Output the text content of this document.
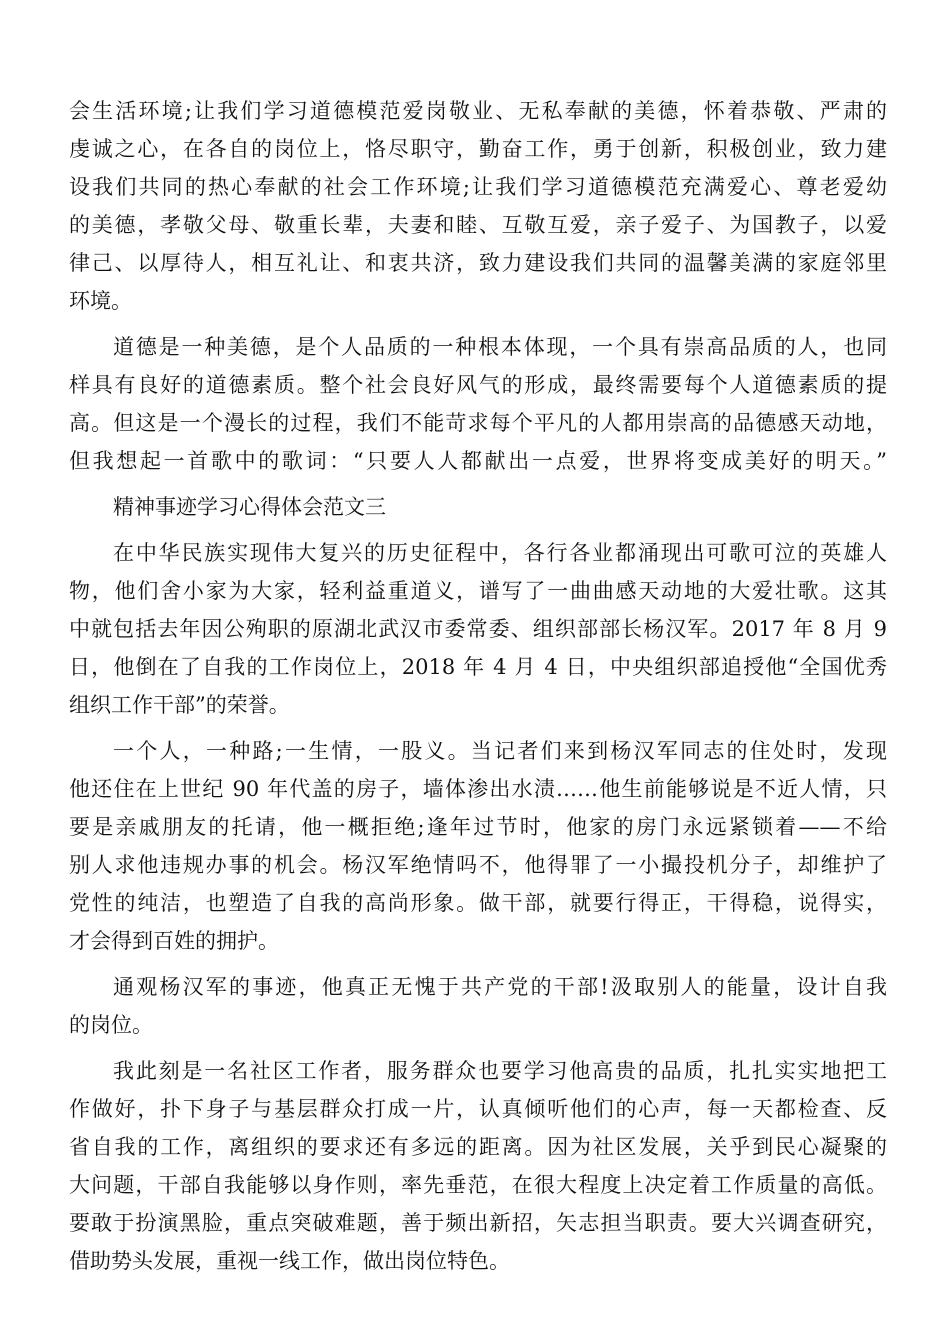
会生活环境;让我们学习道德模范爱岗敬业、无私奉献的美德，怀着恭敬、严肃的
虔诚之心，在各自的岗位上，恪尽职守，勤奋工作，勇于创新，积极创业，致力建
设我们共同的热心奉献的社会工作环境;让我们学习道德模范充满爱心、尊老爱幼
的美德，孝敬父母、敬重长辈，夫妻和睦、互敬互爱，亲子爱子、为国教子，以爱
律己、以厚待人，相互礼让、和衷共济，致力建设我们共同的温馨美满的家庭邻里
环境。
道德是一种美德，是个人品质的一种根本体现，一个具有崇高品质的人，也同
样具有良好的道德素质。整个社会良好风气的形成，最终需要每个人道德素质的提
高。但这是一个漫长的过程，我们不能苛求每个平凡的人都用崇高的品德感天动地，
但我想起一首歌中的歌词：“只要人人都献出一点爱，世界将变成美好的明天。”
精神事迹学习心得体会范文三
在中华民族实现伟大复兴的历史征程中，各行各业都涌现出可歌可泣的英雄人
物，他们舍小家为大家，轻利益重道义，谱写了一曲曲感天动地的大爱壮歌。这其
中就包括去年因公殉职的原湖北武汉市委常委、组织部部长杨汉军。2017 年 8 月 9
日，他倒在了自我的工作岗位上，2018 年 4 月 4 日，中央组织部追授他“全国优秀
组织工作干部”的荣誉。
一个人，一种路;一生情，一股义。当记者们来到杨汉军同志的住处时，发现
他还住在上世纪 90 年代盖的房子，墙体渗出水渍……他生前能够说是不近人情，只
要是亲戚朋友的托请，他一概拒绝;逢年过节时，他家的房门永远紧锁着——不给
别人求他违规办事的机会。杨汉军绝情吗不，他得罪了一小撮投机分子，却维护了
党性的纯洁，也塑造了自我的高尚形象。做干部，就要行得正，干得稳，说得实，
才会得到百姓的拥护。
通观杨汉军的事迹，他真正无愧于共产党的干部!汲取别人的能量，设计自我
的岗位。
我此刻是一名社区工作者，服务群众也要学习他高贵的品质，扎扎实实地把工
作做好，扑下身子与基层群众打成一片，认真倾听他们的心声，每一天都检查、反
省自我的工作，离组织的要求还有多远的距离。因为社区发展，关乎到民心凝聚的
大问题，干部自我能够以身作则，率先垂范，在很大程度上决定着工作质量的高低。
要敢于扮演黑脸，重点突破难题，善于频出新招，矢志担当职责。要大兴调查研究，
借助势头发展，重视一线工作，做出岗位特色。
